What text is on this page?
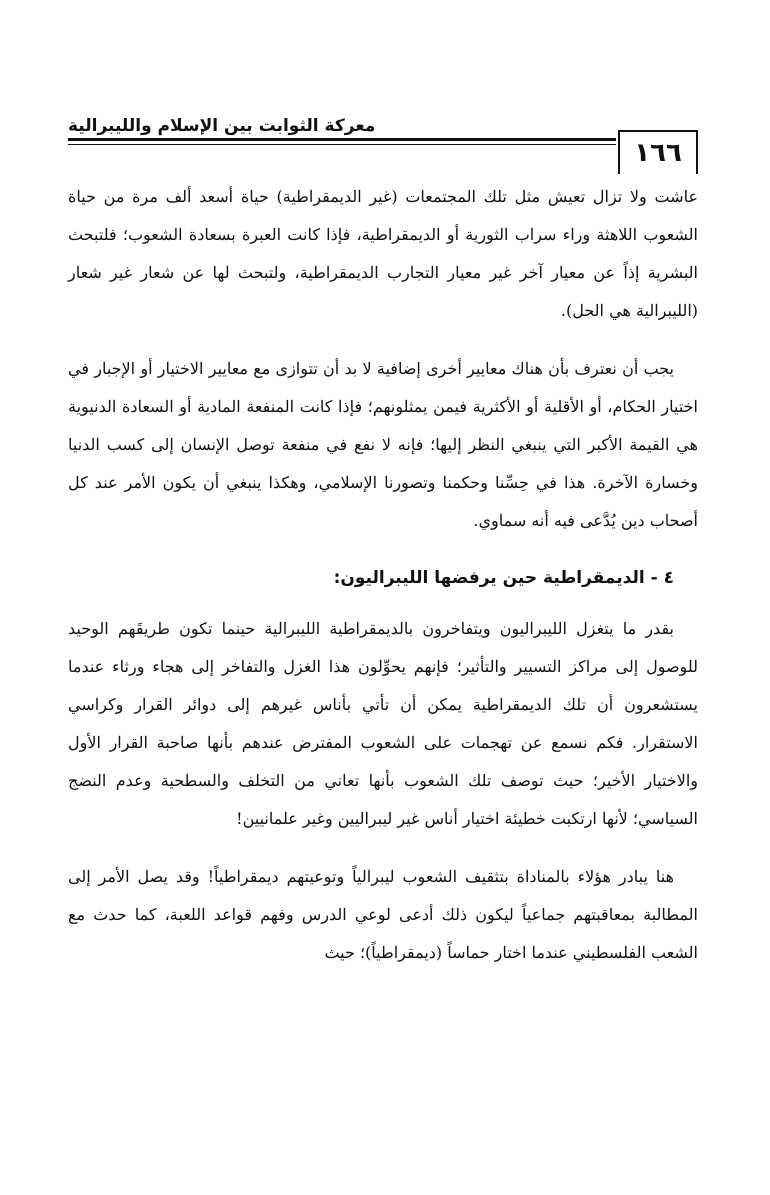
١٦٦
معركة الثوابت بين الإسلام والليبرالية

عاشت ولا تزال تعيش مثل تلك المجتمعات (غير الديمقراطية) حياة أسعد ألف مرة من حياة الشعوب اللاهثة وراء سراب الثورية أو الديمقراطية، فإذا كانت العبرة بسعادة الشعوب؛ فلتبحث البشرية إذاً عن معيار آخر غير معيار التجارب الديمقراطية، ولتبحث لها عن شعار غير شعار (الليبرالية هي الحل).

يجب أن نعترف بأن هناك معايير أخرى إضافية لا بد أن تتوازى مع معايير الاختيار أو الإجبار في اختيار الحكام، أو الأقلية أو الأكثرية فيمن يمثلونهم؛ فإذا كانت المنفعة المادية أو السعادة الدنيوية هي القيمة الأكبر التي ينبغي النظر إليها؛ فإنه لا نفع في منفعة توصل الإنسان إلى كسب الدنيا وخسارة الآخرة. هذا في حِسِّنا وحكمنا وتصورنا الإسلامي، وهكذا ينبغي أن يكون الأمر عند كل أصحاب دين يُدَّعى فيه أنه سماوي.

٤ - الديمقراطية حين يرفضها الليبراليون:

بقدر ما يتغزل الليبراليون ويتفاخرون بالديمقراطية الليبرالية حينما تكون طريقَهم الوحيد للوصول إلى مراكز التسيير والتأثير؛ فإنهم يحوِّلون هذا الغزل والتفاخر إلى هجاء ورثاء عندما يستشعرون أن تلك الديمقراطية يمكن أن تأتي بأناس غيرهم إلى دوائر القرار وكراسي الاستقرار. فكم نسمع عن تهجمات على الشعوب المفترض عندهم بأنها صاحبة القرار الأول والاختيار الأخير؛ حيث توصف تلك الشعوب بأنها تعاني من التخلف والسطحية وعدم النضج السياسي؛ لأنها ارتكبت خطيئة اختيار أناس غير ليبراليين وغير علمانيين!

هنا يبادر هؤلاء بالمناداة بتثقيف الشعوب ليبرالياً وتوعيتهم ديمقراطياً! وقد يصل الأمر إلى المطالبة بمعاقبتهم جماعياً ليكون ذلك أدعى لوعي الدرس وفهم قواعد اللعبة، كما حدث مع الشعب الفلسطيني عندما اختار حماساً (ديمقراطياً)؛ حيث
